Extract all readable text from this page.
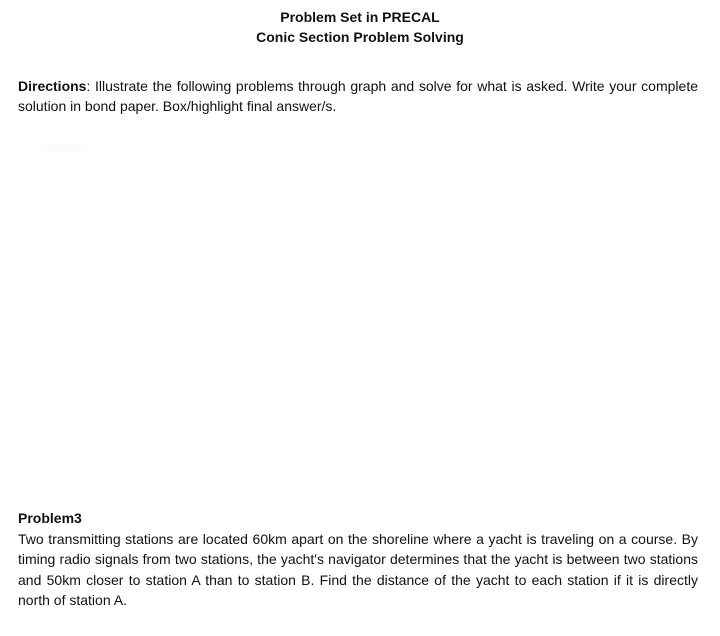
Problem Set in PRECAL
Conic Section Problem Solving
Directions: Illustrate the following problems through graph and solve for what is asked. Write your complete solution in bond paper. Box/highlight final answer/s.
Problem3
Two transmitting stations are located 60km apart on the shoreline where a yacht is traveling on a course. By timing radio signals from two stations, the yacht's navigator determines that the yacht is between two stations and 50km closer to station A than to station B. Find the distance of the yacht to each station if it is directly north of station A.
